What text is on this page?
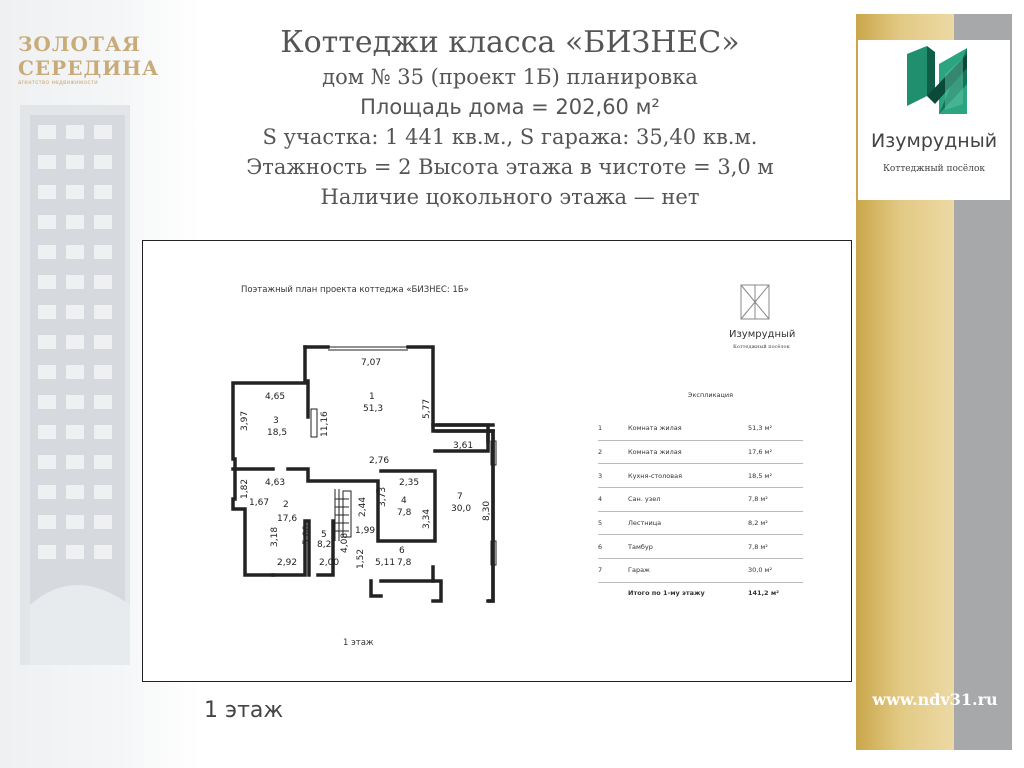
ЗОЛОТАЯ
СЕРЕДИНА
агентство недвижимости
Изумрудный
Коттеджный посёлок
www.ndv31.ru
Коттеджи класса «БИЗНЕС»
дом № 35 (проект 1Б) планировка
Площадь дома = 202,60 м²
S участка: 1 441 кв.м., S гаража: 35,40 кв.м.
Этажность = 2 Высота этажа в чистоте = 3,0 м
Наличие цокольного этажа — нет
7,07
4,65
3,97	11,16
5,77
2,76
3,61
4,63	2,35
1,82
1,67	2,44 3,73
8,30
3,34
5,00
3,18	1,99
4,08
1,52
2,92 2,00	5,11
1
51,3
3
18,5
2
17,6
5
8,2
4
7,8
6
7,8
7
30,0
Поэтажный план проекта коттеджа «БИЗНЕС: 1Б»
Изумрудный
Коттеджный посёлок
1 этаж
Экспликация
1	Комната жилая	51,3 м²
2	Комната жилая	17,6 м²
3	Кухня-столовая	18,5 м²
4	Сан. узел	7,8 м²
5	Лестница	8,2 м²
6	Тамбур	7,8 м²
7	Гараж	30,0 м²
Итого по 1-му этажу	141,2 м²
1 этаж
